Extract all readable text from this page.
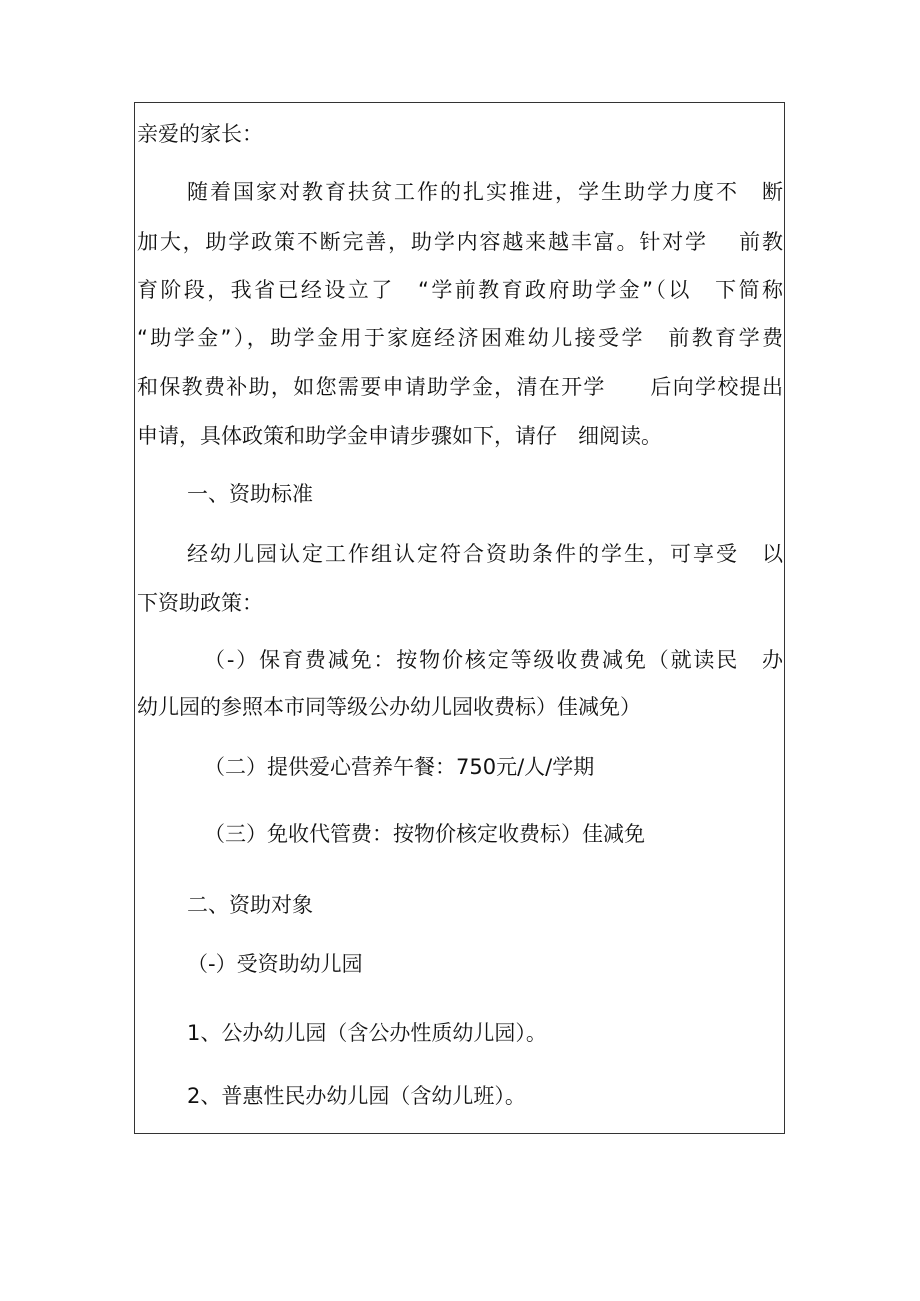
亲爱的家长：
随着国家对教育扶贫工作的扎实推进，学生助学力度不　断
加大，助学政策不断完善，助学内容越来越丰富。针对学　 前教
育阶段，我省已经设立了　“学前教育政府助学金”（以　下简称
“助学金”），助学金用于家庭经济困难幼儿接受学　前教育学费
和保教费补助，如您需要申请助学金，清在开学　　后向学校提出
申请，具体政策和助学金申请步骤如下，请仔　细阅读。
一、资助标准
经幼儿园认定工作组认定符合资助条件的学生，可享受　以
下资助政策：
（-）保育费减免：按物价核定等级收费减免（就读民　办
幼儿园的参照本市同等级公办幼儿园收费标）佳减免）
（二）提供爱心营养午餐：750元/人/学期
（三）免收代管费：按物价核定收费标）佳减免
二、资助对象
（-）受资助幼儿园
1、公办幼儿园（含公办性质幼儿园）。
2、普惠性民办幼儿园（含幼儿班）。
